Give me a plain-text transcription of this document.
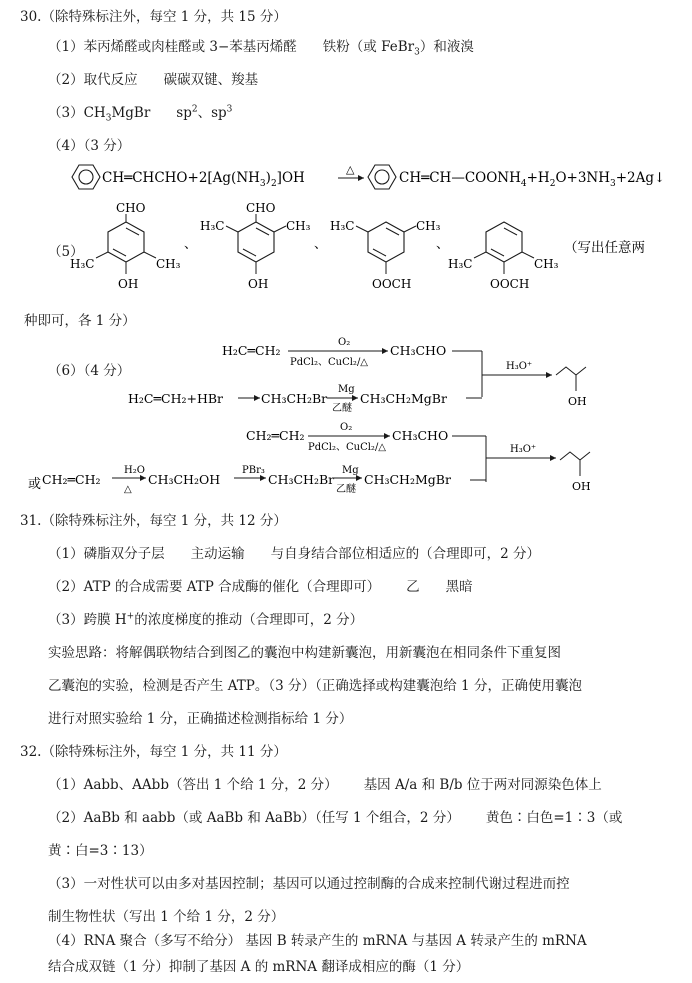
30.（除特殊标注外，每空 1 分，共 15 分）
（1）苯丙烯醛或肉桂醛或 3−苯基丙烯醛 铁粉（或 FeBr$_3$）和液溴
（2）取代反应 碳碳双键、羧基
$(3)CH_3MgBr$ $sp^2$、$sp^3$
（4）（3 分）
$CH═CHCHO+2[Ag(NH_3)_2]OH$
△
$CH═CH—COONH_4+H_2O+3NH_3+2Ag↓$
（5）
CHO
H₃C	CH₃
OH
、
CHO
H₃C	CH₃
OH
、
H₃C	CH₃
OOCH
、
H₃C	CH₃
OOCH
（写出任意两
种即可，各 1 分）
（6）（4 分）
H₂C═CH₂
O₂
PdCl₂、CuCl₂/△
CH₃CHO
H₂C═CH₂+HBr	CH₃CH₂Br
Mg
乙醚
CH₃CH₂MgBr
H₃O⁺
OH
CH₂═CH₂
O₂
PdCl₂、CuCl₂/△
CH₃CHO
或 CH₂═CH₂
H₂O
△
CH₃CH₂OH
PBr₃
CH₃CH₂Br
Mg
乙醚
CH₃CH₂MgBr
H₃O⁺
OH
31.（除特殊标注外，每空 1 分，共 12 分）
（1）磷脂双分子层 主动运输 与自身结合部位相适应的（合理即可，2 分）
（2）ATP 的合成需要 ATP 合成酶的催化（合理即可） 乙 黑暗
（3）跨膜 H+的浓度梯度的推动（合理即可，2 分）
实验思路：将解偶联物结合到图乙的囊泡中构建新囊泡，用新囊泡在相同条件下重复图
乙囊泡的实验，检测是否产生 ATP。（3 分）（正确选择或构建囊泡给 1 分，正确使用囊泡
进行对照实验给 1 分，正确描述检测指标给 1 分）
32.（除特殊标注外，每空 1 分，共 11 分）
（1）Aabb、AAbb（答出 1 个给 1 分，2 分） 基因 A/a 和 B/b 位于两对同源染色体上
（2）AaBb 和 aabb（或 AaBb 和 AaBb）（任写 1 个组合，2 分） 黄色∶白色=1∶3（或
黄∶白=3∶13）
（3）一对性状可以由多对基因控制；基因可以通过控制酶的合成来控制代谢过程进而控
制生物性状（写出 1 个给 1 分，2 分）
（4）RNA 聚合（多写不给分） 基因 B 转录产生的 mRNA 与基因 A 转录产生的 mRNA
结合成双链（1 分）抑制了基因 A 的 mRNA 翻译成相应的酶（1 分）
